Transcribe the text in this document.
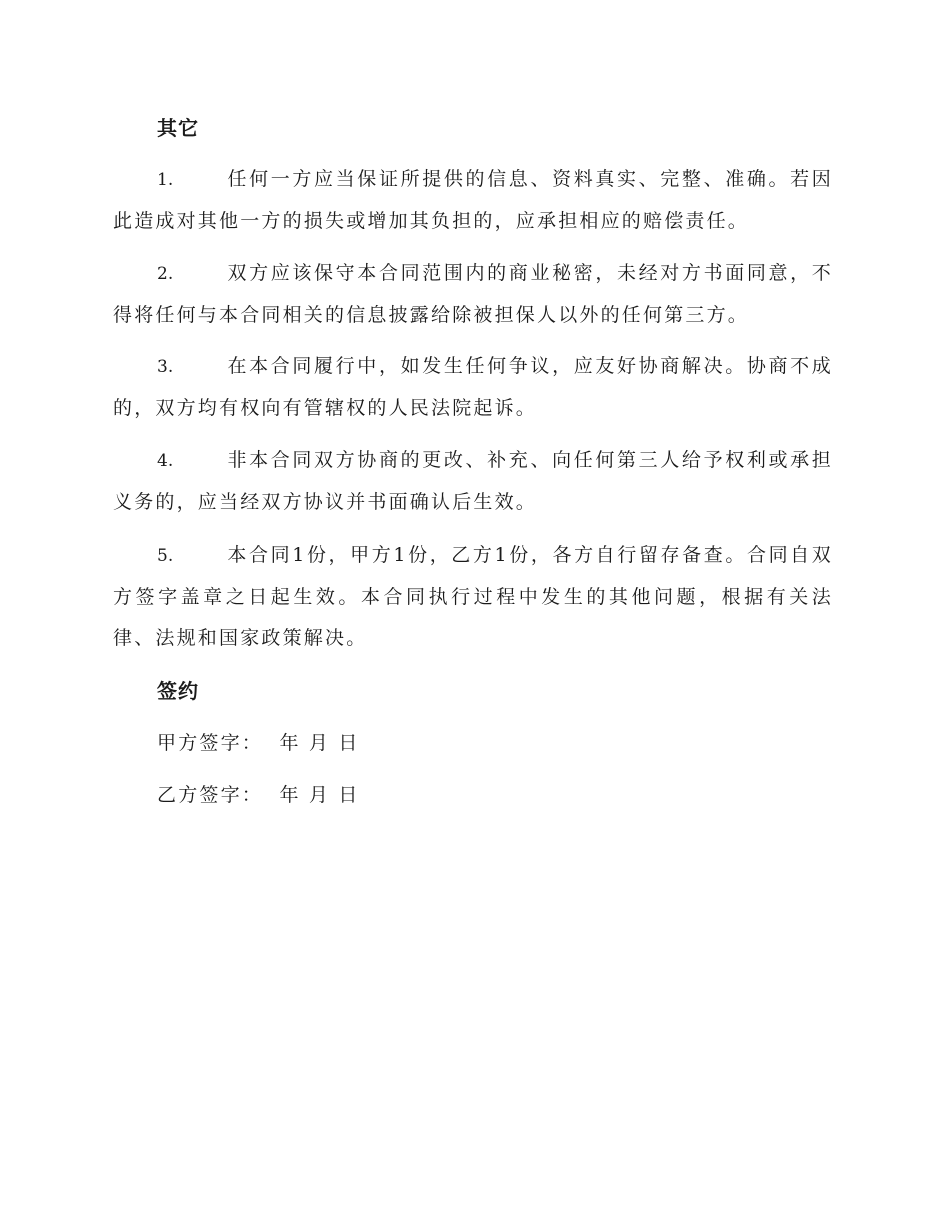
其它

1.	任何一方应当保证所提供的信息、资料真实、完整、准确。若因此造成对其他一方的损失或增加其负担的，应承担相应的赔偿责任。

2.	双方应该保守本合同范围内的商业秘密，未经对方书面同意，不得将任何与本合同相关的信息披露给除被担保人以外的任何第三方。

3.	在本合同履行中，如发生任何争议，应友好协商解决。协商不成的，双方均有权向有管辖权的人民法院起诉。

4.	非本合同双方协商的更改、补充、向任何第三人给予权利或承担义务的，应当经双方协议并书面确认后生效。

5.	本合同1份，甲方1份，乙方1份，各方自行留存备查。合同自双方签字盖章之日起生效。本合同执行过程中发生的其他问题，根据有关法律、法规和国家政策解决。

签约

甲方签字：  年 月 日

乙方签字：  年 月 日
